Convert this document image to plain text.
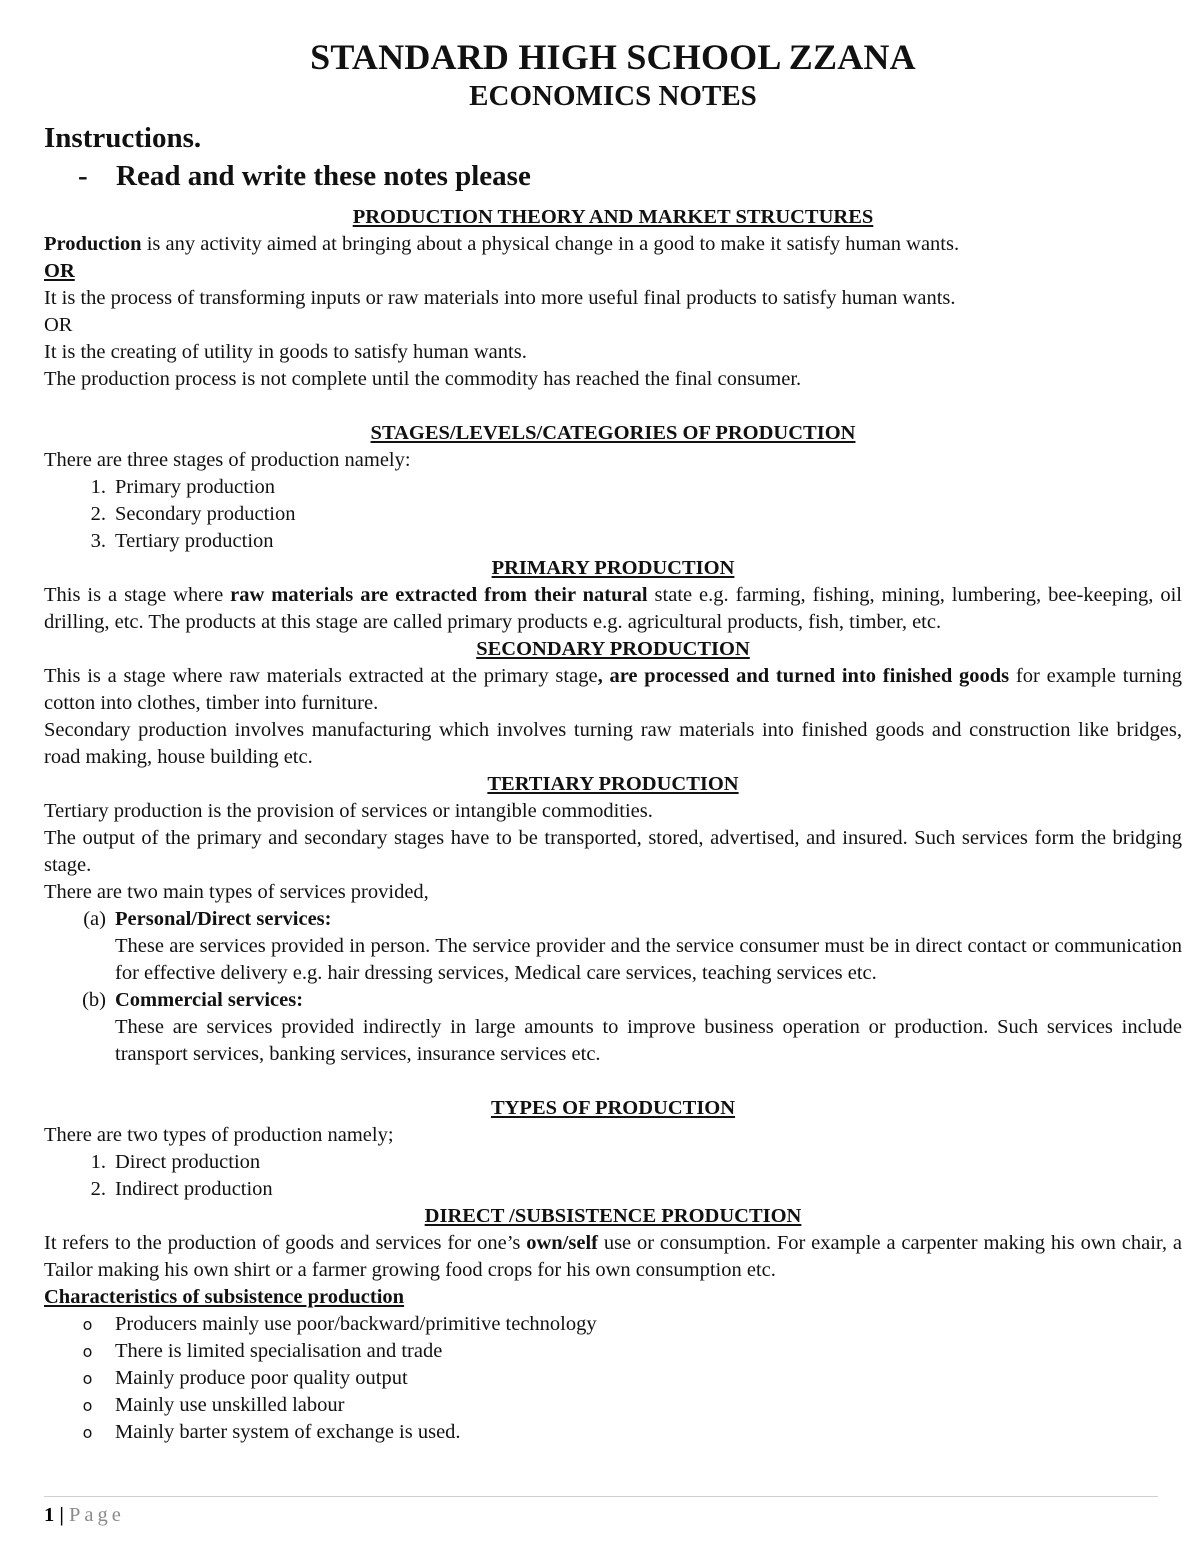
STANDARD HIGH SCHOOL ZZANA
ECONOMICS NOTES
Instructions.
- Read and write these notes please
PRODUCTION THEORY AND MARKET STRUCTURES

Production is any activity aimed at bringing about a physical change in a good to make it satisfy human wants.

OR

It is the process of transforming inputs or raw materials into more useful final products to satisfy human wants.

OR

It is the creating of utility in goods to satisfy human wants.

The production process is not complete until the commodity has reached the final consumer.

STAGES/LEVELS/CATEGORIES OF PRODUCTION

There are three stages of production namely:

1. Primary production
2. Secondary production
3. Tertiary production
PRIMARY PRODUCTION

This is a stage where raw materials are extracted from their natural state e.g. farming, fishing, mining, lumbering, bee-keeping, oil drilling, etc. The products at this stage are called primary products e.g. agricultural products, fish, timber, etc.

SECONDARY PRODUCTION

This is a stage where raw materials extracted at the primary stage, are processed and turned into finished goods for example turning cotton into clothes, timber into furniture.

Secondary production involves manufacturing which involves turning raw materials into finished goods and construction like bridges, road making, house building etc.

TERTIARY PRODUCTION

Tertiary production is the provision of services or intangible commodities.

The output of the primary and secondary stages have to be transported, stored, advertised, and insured. Such services form the bridging stage.

There are two main types of services provided,

(a) Personal/Direct services:

These are services provided in person. The service provider and the service consumer must be in direct contact or communication for effective delivery e.g. hair dressing services, Medical care services, teaching services etc.

(b) Commercial services:

These are services provided indirectly in large amounts to improve business operation or production. Such services include transport services, banking services, insurance services etc.

TYPES OF PRODUCTION

There are two types of production namely;

1. Direct production
2. Indirect production
DIRECT /SUBSISTENCE PRODUCTION

It refers to the production of goods and services for one’s own/self use or consumption. For example a carpenter making his own chair, a Tailor making his own shirt or a farmer growing food crops for his own consumption etc.

Characteristics of subsistence production

o	Producers mainly use poor/backward/primitive technology
o	There is limited specialisation and trade
o	Mainly produce poor quality output
o	Mainly use unskilled labour
o	Mainly barter system of exchange is used.
1 | Page
